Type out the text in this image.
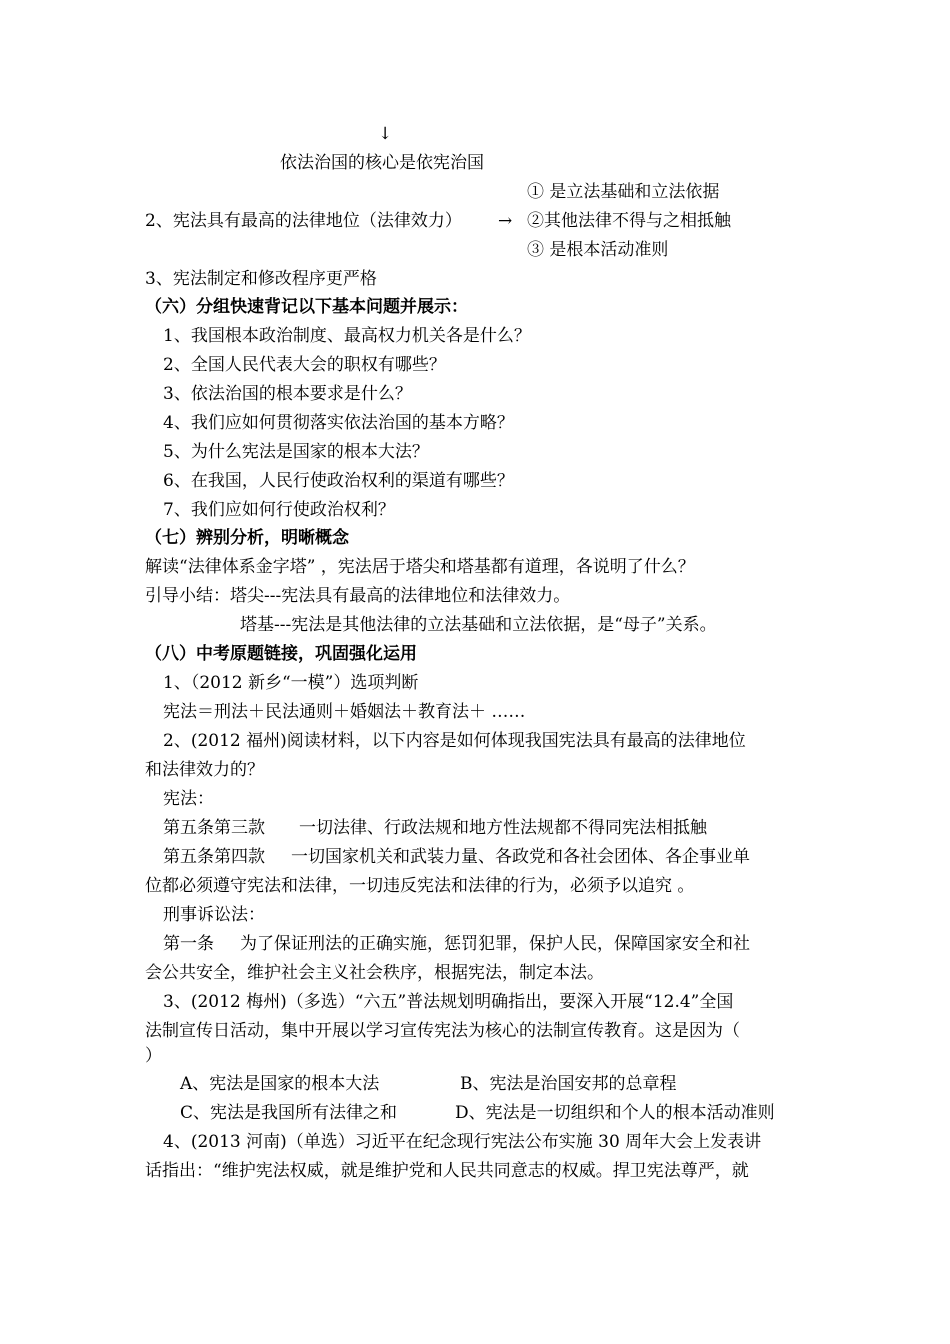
↓
依法治国的核心是依宪治国
① 是立法基础和立法依据
2、宪法具有最高的法律地位（法律效力） → ②其他法律不得与之相抵触
③ 是根本活动准则
3、宪法制定和修改程序更严格
（六）分组快速背记以下基本问题并展示：
1、我国根本政治制度、最高权力机关各是什么？
2、全国人民代表大会的职权有哪些？
3、依法治国的根本要求是什么？
4、我们应如何贯彻落实依法治国的基本方略？
5、为什么宪法是国家的根本大法？
6、在我国，人民行使政治权利的渠道有哪些？
7、我们应如何行使政治权利？
（七）辨别分析，明晰概念
解读“法律体系金字塔” ，宪法居于塔尖和塔基都有道理，各说明了什么？
引导小结：塔尖---宪法具有最高的法律地位和法律效力。
塔基---宪法是其他法律的立法基础和立法依据，是“母子”关系。
（八）中考原题链接，巩固强化运用
1、（2012 新乡“一模”）选项判断
宪法＝刑法＋民法通则＋婚姻法＋教育法＋ ……
2、(2012 福州)阅读材料，以下内容是如何体现我国宪法具有最高的法律地位
和法律效力的？
宪法：
第五条第三款 一切法律、行政法规和地方性法规都不得同宪法相抵触
第五条第四款 一切国家机关和武装力量、各政党和各社会团体、各企事业单
位都必须遵守宪法和法律，一切违反宪法和法律的行为，必须予以追究 。
刑事诉讼法：
第一条 为了保证刑法的正确实施，惩罚犯罪，保护人民，保障国家安全和社
会公共安全，维护社会主义社会秩序，根据宪法，制定本法。
3、(2012 梅州)（多选）“六五”普法规划明确指出，要深入开展“12.4”全国
法制宣传日活动，集中开展以学习宣传宪法为核心的法制宣传教育。这是因为（
）
A、宪法是国家的根本大法	B、宪法是治国安邦的总章程
C、宪法是我国所有法律之和	D、宪法是一切组织和个人的根本活动准则
4、(2013 河南)（单选）习近平在纪念现行宪法公布实施 30 周年大会上发表讲
话指出：“维护宪法权威，就是维护党和人民共同意志的权威。捍卫宪法尊严，就
